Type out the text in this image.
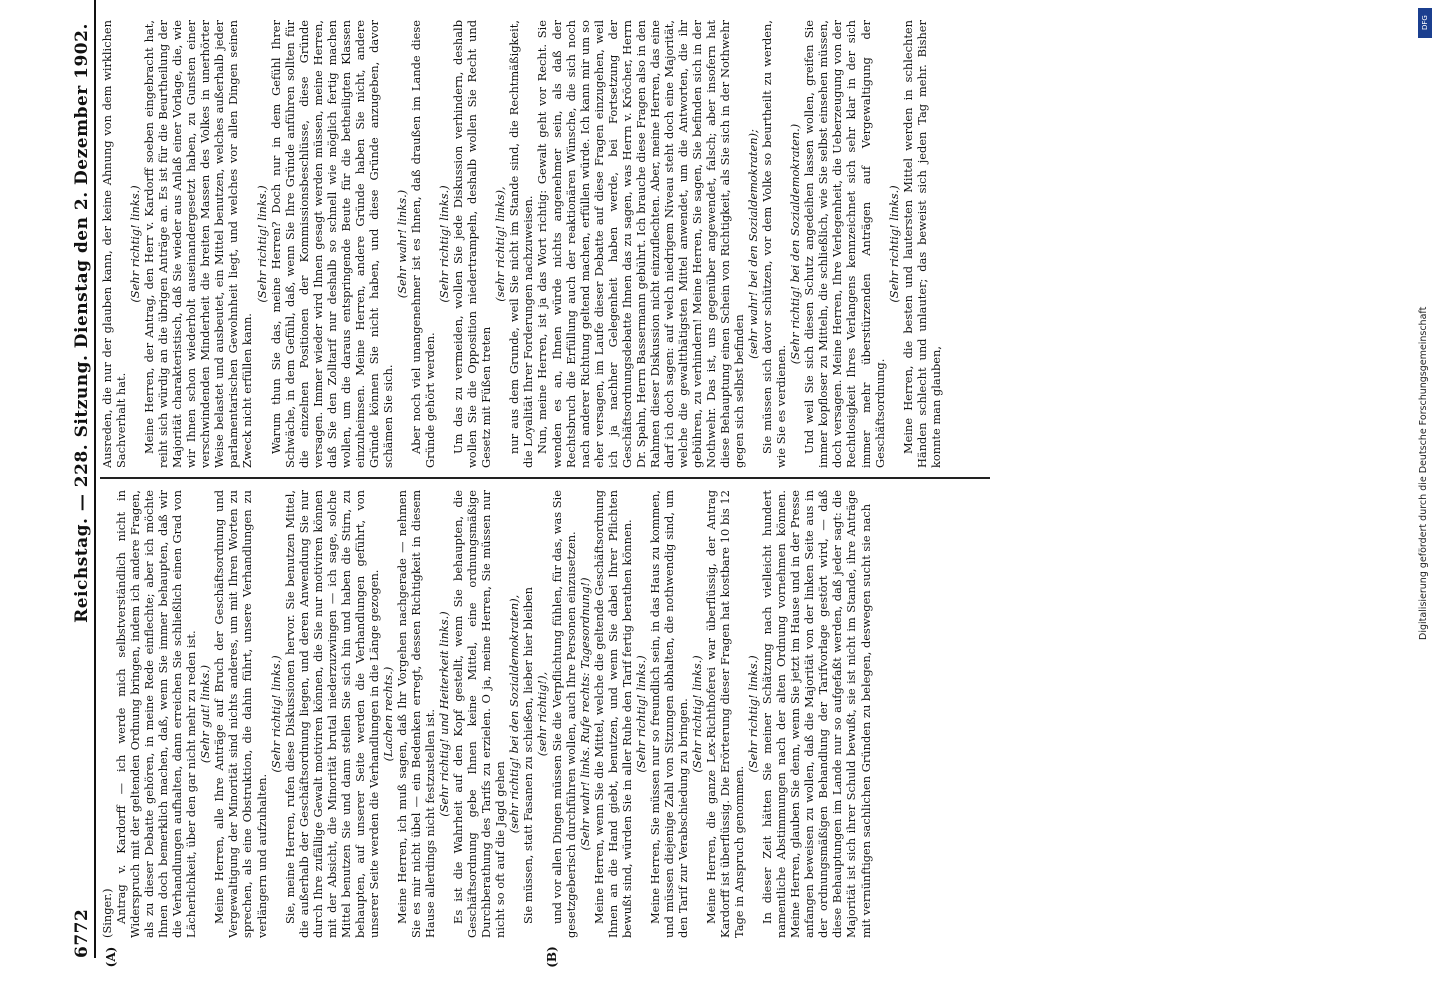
6772
Reichstag. — 228. Sitzung. Dienstag den 2. Dezember 1902.
(A)	(B)

(Singer.) Antrag v. Kardorff — ich werde mich selbstverständlich nicht in Widerspruch mit der geltenden Ordnung bringen, indem ich andere Fragen, als zu dieser Debatte gehören, in meine Rede einflechte; aber ich möchte Ihnen doch bemerklich machen, daß, wenn Sie immer behaupten, daß wir die Verhandlungen aufhalten, dann erreichen Sie schließlich einen Grad von Lächerlichkeit, über den gar nicht mehr zu reden ist. (Sehr gut! links.) Meine Herren, alle Ihre Anträge auf Bruch der Geschäftsordnung und Vergewaltigung der Minorität sind nichts anderes, um mit Ihren Worten zu sprechen, als eine Obstruktion, die dahin führt, unsere Verhandlungen zu verlängern und aufzuhalten.

(Sehr richtig! links.) Sie, meine Herren, rufen diese Diskussionen hervor. Sie benutzen Mittel, die außerhalb der Geschäftsordnung liegen, und deren Anwendung Sie nur durch Ihre zufällige Gewalt motiviren können, die Sie nur motiviren können mit der Absicht, die Minorität brutal niederzuzwingen — ich sage, solche Mittel benutzen Sie und dann stellen Sie sich hin und haben die Stirn, zu behaupten, auf unserer Seite werden die Verhandlungen geführt, von unserer Seite werden die Verhandlungen in die Länge gezogen. (Lachen rechts.) Meine Herren, ich muß sagen, daß Ihr Vorgehen nachgerade — nehmen Sie es mir nicht übel — ein Bedenken erregt, dessen Richtigkeit in diesem Hause allerdings nicht festzustellen ist. (Sehr richtig! und Heiterkeit links.) Es ist die Wahrheit auf den Kopf gestellt, wenn Sie behaupten, die Geschäftsordnung gebe Ihnen keine Mittel, eine ordnungsmäßige Durchberathung des Tarifs zu erzielen. O ja, meine Herren, Sie müssen nur nicht so oft auf die Jagd gehen

(sehr richtig! bei den Sozialdemokraten), Sie müssen, statt Fasanen zu schießen, lieber hier bleiben (sehr richtig!), und vor allen Dingen müssen Sie die Verpflichtung fühlen, für das, was Sie gesetzgeberisch durchführen wollen, auch Ihre Personen einzusetzen. (Sehr wahr! links. Rufe rechts: Tagesordnung!) Meine Herren, wenn Sie die Mittel, welche die geltende Geschäftsordnung Ihnen an die Hand giebt, benutzen, und wenn Sie dabei Ihrer Pflichten bewußt sind, würden Sie in aller Ruhe den Tarif fertig berathen können. (Sehr richtig! links.) Meine Herren, Sie müssen nur so freundlich sein, in das Haus zu kommen, und müssen diejenige Zahl von Sitzungen abhalten, die nothwendig sind, um den Tarif zur Verabschiedung zu bringen. (Sehr richtig! links.) Meine Herren, die ganze Lex-Richthoferei war überflüssig, der Antrag Kardorff ist überflüssig. Die Erörterung dieser Fragen hat kostbare 10 bis 12 Tage in Anspruch genommen.

(Sehr richtig! links.) In dieser Zeit hätten Sie meiner Schätzung nach vielleicht hundert namentliche Abstimmungen nach der alten Ordnung vornehmen können. Meine Herren, glauben Sie denn, wenn Sie jetzt im Hause und in der Presse anfangen beweisen zu wollen, daß die Majorität von der linken Seite aus in der ordnungsmäßigen Behandlung der Tarifvorlage gestört wird, — daß diese Behauptungen im Lande nur so aufgefaßt werden, daß jeder sagt: die Majorität ist sich ihrer Schuld bewußt, sie ist nicht im Stande, ihre Anträge mit vernünftigen sachlichen Gründen zu belegen, deswegen sucht sie nach

Ausreden, die nur der glauben kann, der keine Ahnung von dem wirklichen Sachverhalt hat.

(Sehr richtig! links.) Meine Herren, der Antrag, den Herr v. Kardorff soeben eingebracht hat, reiht sich würdig an die übrigen Anträge an. Es ist für die Beurtheilung der Majorität charakteristisch, daß Sie wieder aus Anlaß einer Vorlage, die, wie wir Ihnen schon wiederholt auseinandergesetzt haben, zu Gunsten einer verschwindenden Minderheit die breiten Massen des Volkes in unerhörter Weise belastet und ausbeutet, ein Mittel benutzen, welches außerhalb jeder parlamentarischen Gewohnheit liegt, und welches vor allen Dingen seinen Zweck nicht erfüllen kann.

(Sehr richtig! links.) Warum thun Sie das, meine Herren? Doch nur in dem Gefühl Ihrer Schwäche, in dem Gefühl, daß, wenn Sie Ihre Gründe anführen sollten für die einzelnen Positionen der Kommissionsbeschlüsse, diese Gründe versagen. Immer wieder wird Ihnen gesagt werden müssen, meine Herren, daß Sie den Zolltarif nur deshalb so schnell wie möglich fertig machen wollen, um die daraus entspringende Beute für die betheiligten Klassen einzuheimsen. Meine Herren, andere Gründe haben Sie nicht, andere Gründe können Sie nicht haben, und diese Gründe anzugeben, davor schämen Sie sich.

(Sehr wahr! links.) Aber noch viel unangenehmer ist es Ihnen, daß draußen im Lande diese Gründe gehört werden.

(Sehr richtig! links.) Um das zu vermeiden, wollen Sie jede Diskussion verhindern, deshalb wollen Sie die Opposition niedertrampeln, deshalb wollen Sie Recht und Gesetz mit Füßen treten

(sehr richtig! links), nur aus dem Grunde, weil Sie nicht im Stande sind, die Rechtmäßigkeit, die Loyalität Ihrer Forderungen nachzuweisen. Nun, meine Herren, ist ja das Wort richtig: Gewalt geht vor Recht. Sie wenden es an, Ihnen würde nichts angenehmer sein, als daß der Rechtsbruch die Erfüllung auch der reaktionären Wünsche, die sich noch nach anderer Richtung geltend machen, erfüllen würde. Ich kann mir um so eher versagen, im Laufe dieser Debatte auf diese Fragen einzugehen, weil ich ja nachher Gelegenheit haben werde, bei Fortsetzung der Geschäftsordnungsdebatte Ihnen das zu sagen, was Herrn v. Kröcher, Herrn Dr. Spahn, Herrn Bassermann gebührt. Ich brauche diese Fragen also in den Rahmen dieser Diskussion nicht einzuflechten. Aber, meine Herren, das eine darf ich doch sagen: auf welch niedrigem Niveau steht doch eine Majorität, welche die gewaltthätigsten Mittel anwendet, um die Antworten, die ihr gebühren, zu verhindern! Meine Herren, Sie sagen, Sie befinden sich in der Nothwehr. Das ist, uns gegenüber angewendet, falsch; aber insofern hat diese Behauptung einen Schein von Richtigkeit, als Sie sich in der Nothwehr gegen sich selbst befinden

(sehr wahr! bei den Sozialdemokraten); Sie müssen sich davor schützen, vor dem Volke so beurtheilt zu werden, wie Sie es verdienen.

(Sehr richtig! bei den Sozialdemokraten.) Und weil Sie sich diesen Schutz angedeihen lassen wollen, greifen Sie immer kopfloser zu Mitteln, die schließlich, wie Sie selbst einsehen müssen, doch versagen. Meine Herren, Ihre Verlegenheit, die Ueberzeugung von der Rechtlosigkeit Ihres Verlangens kennzeichnet sich sehr klar in der sich immer mehr überstürzenden Anträgen auf Vergewaltigung der Geschäftsordnung.

(Sehr richtig! links.) Meine Herren, die besten und lautersten Mittel werden in schlechten Händen schlecht und unlauter; das beweist sich jeden Tag mehr. Bisher konnte man glauben,

DFG
Digitalisierung gefördert durch die Deutsche Forschungsgemeinschaft
